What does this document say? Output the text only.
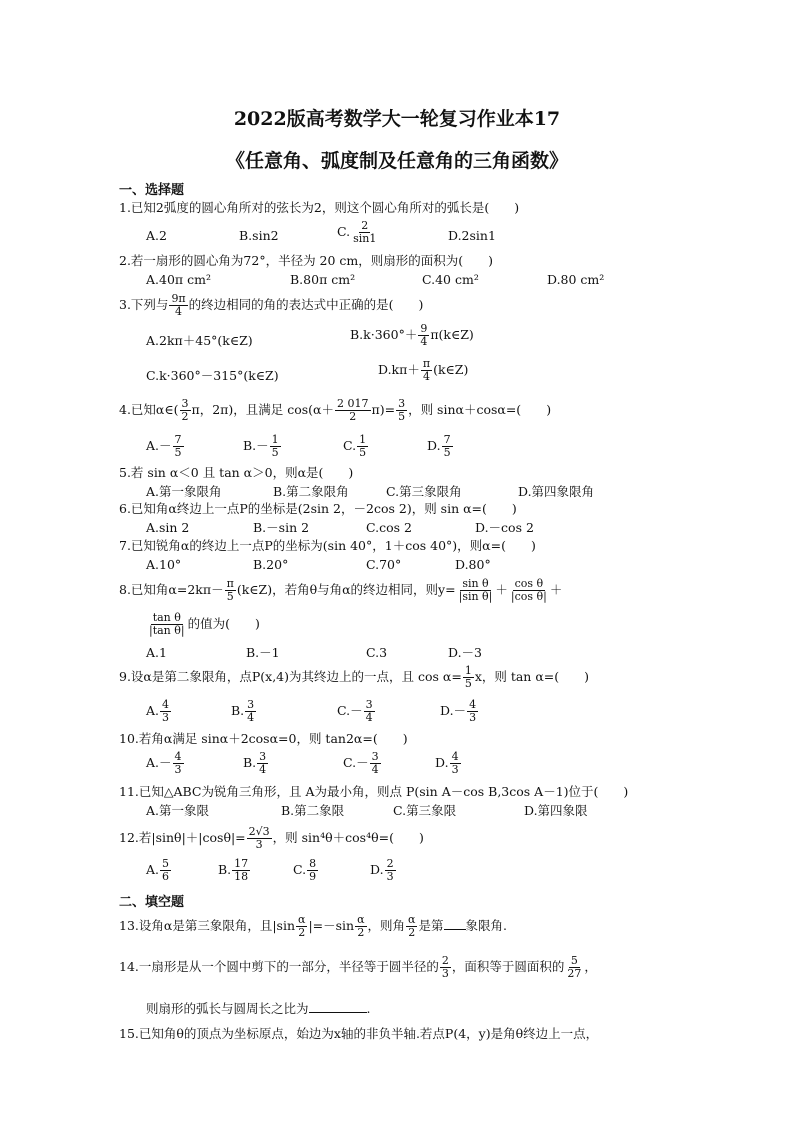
2022版高考数学大一轮复习作业本17
《任意角、弧度制及任意角的三角函数》
一、选择题
1.已知2弧度的圆心角所对的弦长为2，则这个圆心角所对的弧长是(　　)
A.2	B.sin2	C. $\frac{2}{\sin 1}$	D.2sin1
2.若一扇形的圆心角为72°，半径为 20 cm，则扇形的面积为(　　)
A.40π cm²	B.80π cm²	C.40 cm²	D.80 cm²
3.下列与 $\frac{9\pi}{4}$ 的终边相同的角的表达式中正确的是(　　)
A.2kπ＋45°(k∈Z)	$B.k\cdot 360^\circ+ \frac{9}{4}$ π(k∈Z)
C.k·360°－315°(k∈Z)	$D.k\pi+ \frac{\pi}{4}$ (k∈Z)
4.已知α∈( $\frac{3}{2}$ π，2π)，且满足 $\cos(\alpha+ \frac{2 017}{2} \pi)= \frac{3}{5}$ ，则 sinα＋cosα=(　　)
$A.- \frac{7}{5}$	$B.- \frac{1}{5}$	C. $\frac{1}{5}$	D. $\frac{7}{5}$
5.若 sin α＜0 且 tan α＞0，则α是(　　)
A.第一象限角	B.第二象限角	C.第三象限角	D.第四象限角
6.已知角α终边上一点P的坐标是(2sin 2，－2cos 2)，则 sin α=(　　)
A.sin 2	B.－sin 2	C.cos 2	D.－cos 2
7.已知锐角α的终边上一点P的坐标为(sin 40°，1＋cos 40°)，则α=(　　)
A.10°	B.20°	C.70°	D.80°
8.已知角$\alpha=2k\pi- \frac{\pi}{5}$ (k∈Z)，若角θ与角α的终边相同，则$y= \frac{\text{sin θ}}{\text{|sin θ|}} + \frac{\text{cos θ}}{\text{|cos θ|}}$ ＋
$\frac{\text{tan θ}}{\text{|tan θ|}}$ 的值为(　　)
A.1	B.－1	C.3	D.－3
9.设α是第二象限角，点P(x,4)为其终边上的一点，且 $\cos \alpha= \frac{1}{5}$ x，则 tan α=(　　)
A. $\frac{4}{3}$	B. $\frac{3}{4}$	$C.- \frac{3}{4}$	$D.- \frac{4}{3}$
10.若角α满足 sinα＋2cosα=0，则 tan2α=(　　)
$A.- \frac{4}{3}$	B. $\frac{3}{4}$	$C.- \frac{3}{4}$	D. $\frac{4}{3}$
11.已知△ABC为锐角三角形，且 A为最小角，则点 P(sin A－cos B,3cos A－1)位于(　　)
A.第一象限	B.第二象限	C.第三象限	D.第四象限
12.若$|\sin\theta|+|\cos\theta|= \frac{2√3}{3}$ ，则 sin⁴θ＋cos⁴θ=(　　)
A. $\frac{5}{6}$	B. $\frac{17}{18}$	C. $\frac{8}{9}$	D. $\frac{2}{3}$
二、填空题
13.设角α是第三象限角，且$|\sin \frac{\alpha}{2} |=-\sin \frac{\alpha}{2}$ ，则角 $\frac{\alpha}{2}$ 是第 象限角.
14.一扇形是从一个圆中剪下的一部分，半径等于圆半径的 $\frac{2}{3}$ ，面积等于圆面积的 $\frac{5}{27}$ ，
则扇形的弧长与圆周长之比为	.
15.已知角θ的顶点为坐标原点，始边为x轴的非负半轴.若点P(4，y)是角θ终边上一点，
